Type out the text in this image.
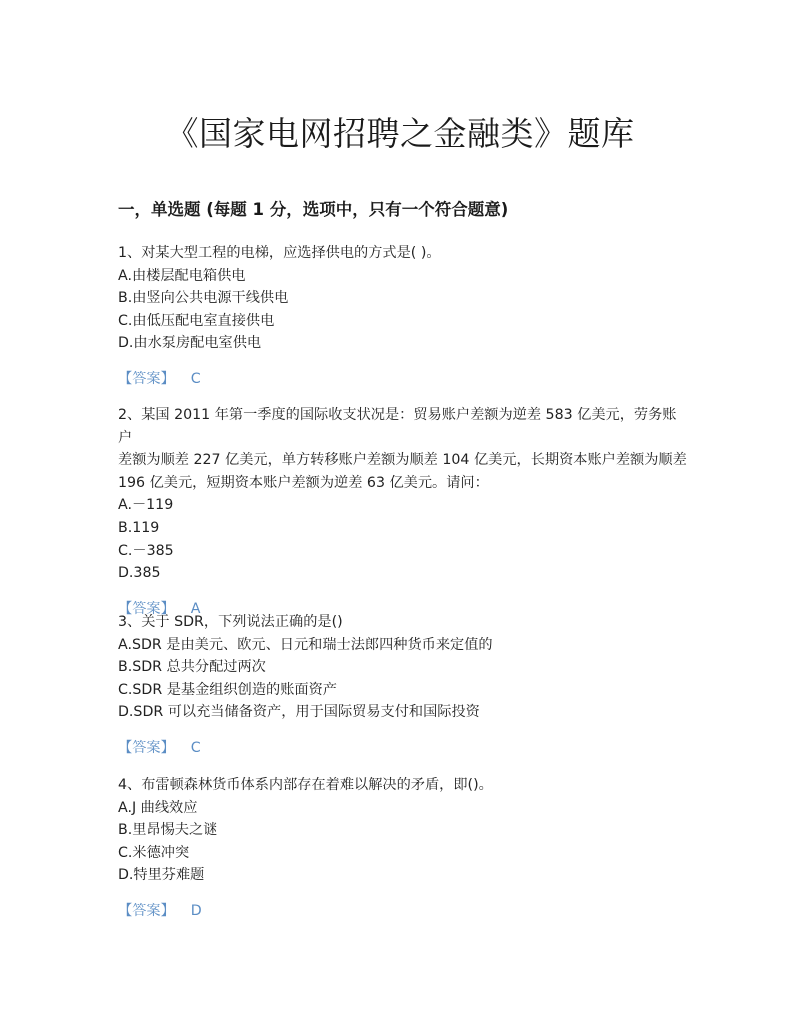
《国家电网招聘之金融类》题库
一，单选题 (每题 1 分，选项中，只有一个符合题意)

1、对某大型工程的电梯，应选择供电的方式是( )。

A.由楼层配电箱供电

B.由竖向公共电源干线供电

C.由低压配电室直接供电

D.由水泵房配电室供电

【答案】 C

2、某国 2011 年第一季度的国际收支状况是：贸易账户差额为逆差 583 亿美元，劳务账户

差额为顺差 227 亿美元，单方转移账户差额为顺差 104 亿美元，长期资本账户差额为顺差

196 亿美元，短期资本账户差额为逆差 63 亿美元。请问：

A.－119

B.119

C.－385

D.385

【答案】 A

3、关于 SDR，下列说法正确的是()

A.SDR 是由美元、欧元、日元和瑞士法郎四种货币来定值的

B.SDR 总共分配过两次

C.SDR 是基金组织创造的账面资产

D.SDR 可以充当储备资产，用于国际贸易支付和国际投资

【答案】 C

4、布雷顿森林货币体系内部存在着难以解决的矛盾，即()。

A.J 曲线效应

B.里昂惕夫之谜

C.米德冲突

D.特里芬难题

【答案】 D
